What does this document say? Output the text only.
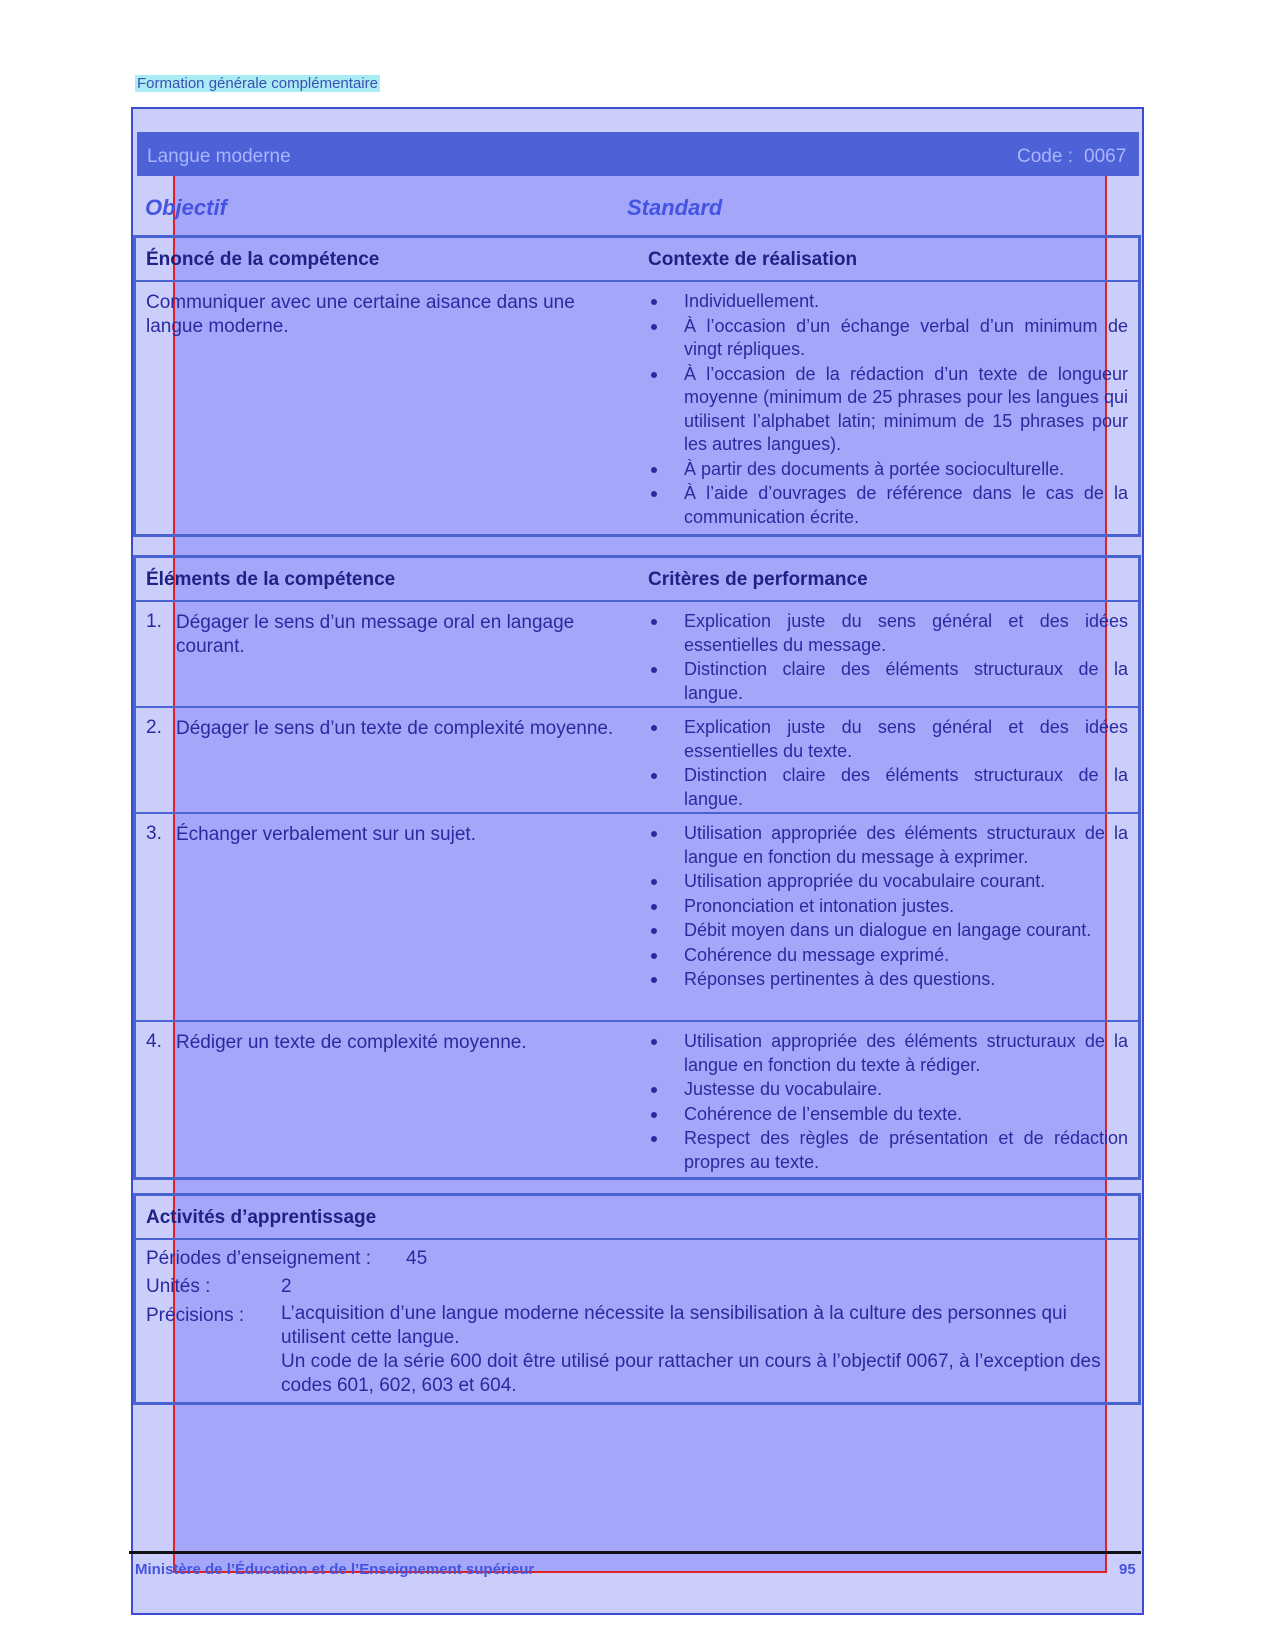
Formation générale complémentaire
Langue moderne	Code : 0067
Objectif	Standard
Énoncé de la compétence	Contexte de réalisation
Communiquer avec une certaine aisance dans une langue moderne.
Individuellement.
À l’occasion d’un échange verbal d’un minimum de vingt répliques.
À l’occasion de la rédaction d’un texte de longueur moyenne (minimum de 25 phrases pour les langues qui utilisent l’alphabet latin; minimum de 15 phrases pour les autres langues).
À partir des documents à portée socioculturelle.
À l’aide d’ouvrages de référence dans le cas de la communication écrite.
Éléments de la compétence	Critères de performance
1. Dégager le sens d’un message oral en langage courant.
Explication juste du sens général et des idées essentielles du message.
Distinction claire des éléments structuraux de la langue.
2. Dégager le sens d’un texte de complexité moyenne.	Explication juste du sens général et des idées essentielles du texte.
Distinction claire des éléments structuraux de la langue.
3. Échanger verbalement sur un sujet.	Utilisation appropriée des éléments structuraux de la langue en fonction du message à exprimer.
Utilisation appropriée du vocabulaire courant.
Prononciation et intonation justes.
Débit moyen dans un dialogue en langage courant.
Cohérence du message exprimé.
Réponses pertinentes à des questions.
4. Rédiger un texte de complexité moyenne.	Utilisation appropriée des éléments structuraux de la langue en fonction du texte à rédiger.
Justesse du vocabulaire.
Cohérence de l’ensemble du texte.
Respect des règles de présentation et de rédaction propres au texte.
Activités d’apprentissage
Périodes d’enseignement : 45
Unités :	2
Précisions : L’acquisition d’une langue moderne nécessite la sensibilisation à la culture des personnes qui utilisent cette langue.
Un code de la série 600 doit être utilisé pour rattacher un cours à l’objectif 0067, à l’exception des codes 601, 602, 603 et 604.
Ministère de l’Éducation et de l’Enseignement supérieur	95
